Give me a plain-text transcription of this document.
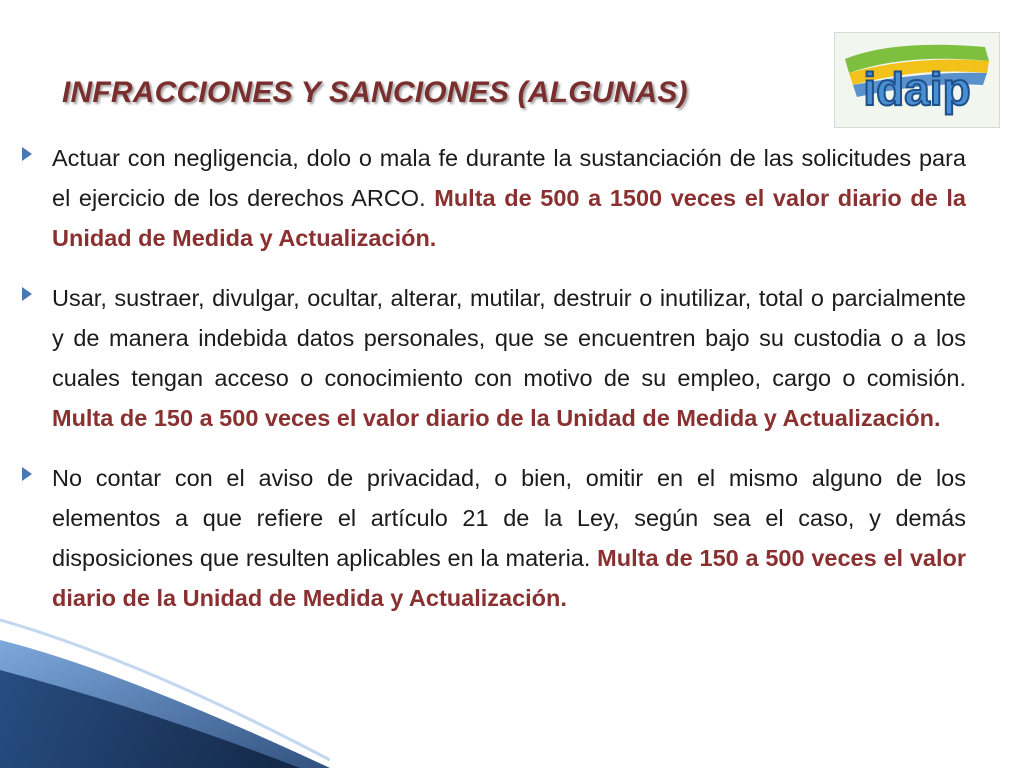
INFRACCIONES Y SANCIONES (ALGUNAS)	idaip

Actuar con negligencia, dolo o mala fe durante la sustanciación de las solicitudes para el ejercicio de los derechos ARCO. Multa de 500 a 1500 veces el valor diario de la Unidad de Medida y Actualización.

Usar, sustraer, divulgar, ocultar, alterar, mutilar, destruir o inutilizar, total o parcialmente y de manera indebida datos personales, que se encuentren bajo su custodia o a los cuales tengan acceso o conocimiento con motivo de su empleo, cargo o comisión. Multa de 150 a 500 veces el valor diario de la Unidad de Medida y Actualización.

No contar con el aviso de privacidad, o bien, omitir en el mismo alguno de los elementos a que refiere el artículo 21 de la Ley, según sea el caso, y demás disposiciones que resulten aplicables en la materia. Multa de 150 a 500 veces el valor diario de la Unidad de Medida y Actualización.
